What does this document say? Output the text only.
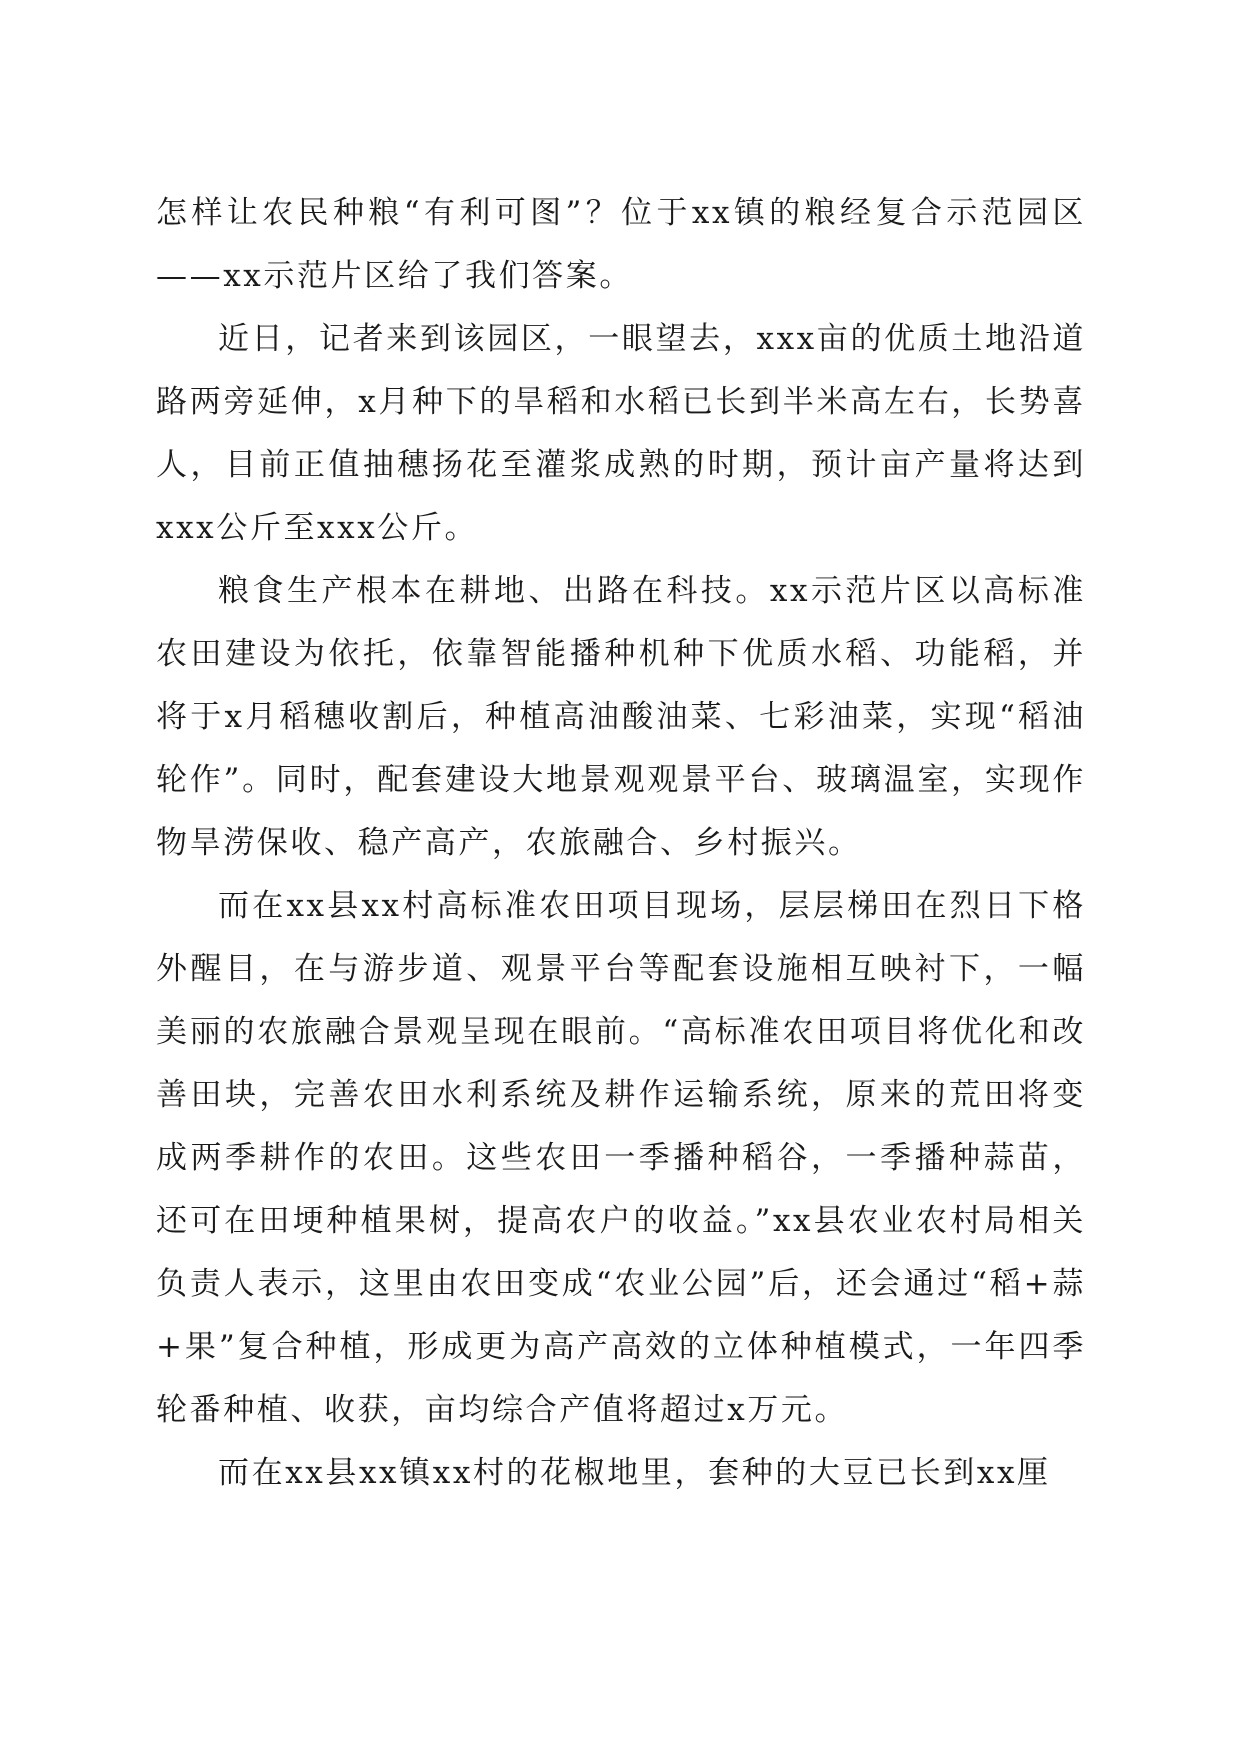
怎样让农民种粮“有利可图”？位于xx镇的粮经复合示范园区——xx示范片区给了我们答案。

近日，记者来到该园区，一眼望去，xxx亩的优质土地沿道路两旁延伸，x月种下的旱稻和水稻已长到半米高左右，长势喜人，目前正值抽穗扬花至灌浆成熟的时期，预计亩产量将达到xxx公斤至xxx公斤。

粮食生产根本在耕地、出路在科技。xx示范片区以高标准农田建设为依托，依靠智能播种机种下优质水稻、功能稻，并将于x月稻穗收割后，种植高油酸油菜、七彩油菜，实现“稻油轮作”。同时，配套建设大地景观观景平台、玻璃温室，实现作物旱涝保收、稳产高产，农旅融合、乡村振兴。

而在xx县xx村高标准农田项目现场，层层梯田在烈日下格外醒目，在与游步道、观景平台等配套设施相互映衬下，一幅美丽的农旅融合景观呈现在眼前。“高标准农田项目将优化和改善田块，完善农田水利系统及耕作运输系统，原来的荒田将变成两季耕作的农田。这些农田一季播种稻谷，一季播种蒜苗，还可在田埂种植果树，提高农户的收益。”xx县农业农村局相关负责人表示，这里由农田变成“农业公园”后，还会通过“稻+蒜+果”复合种植，形成更为高产高效的立体种植模式，一年四季轮番种植、收获，亩均综合产值将超过x万元。

而在xx县xx镇xx村的花椒地里，套种的大豆已长到xx厘
